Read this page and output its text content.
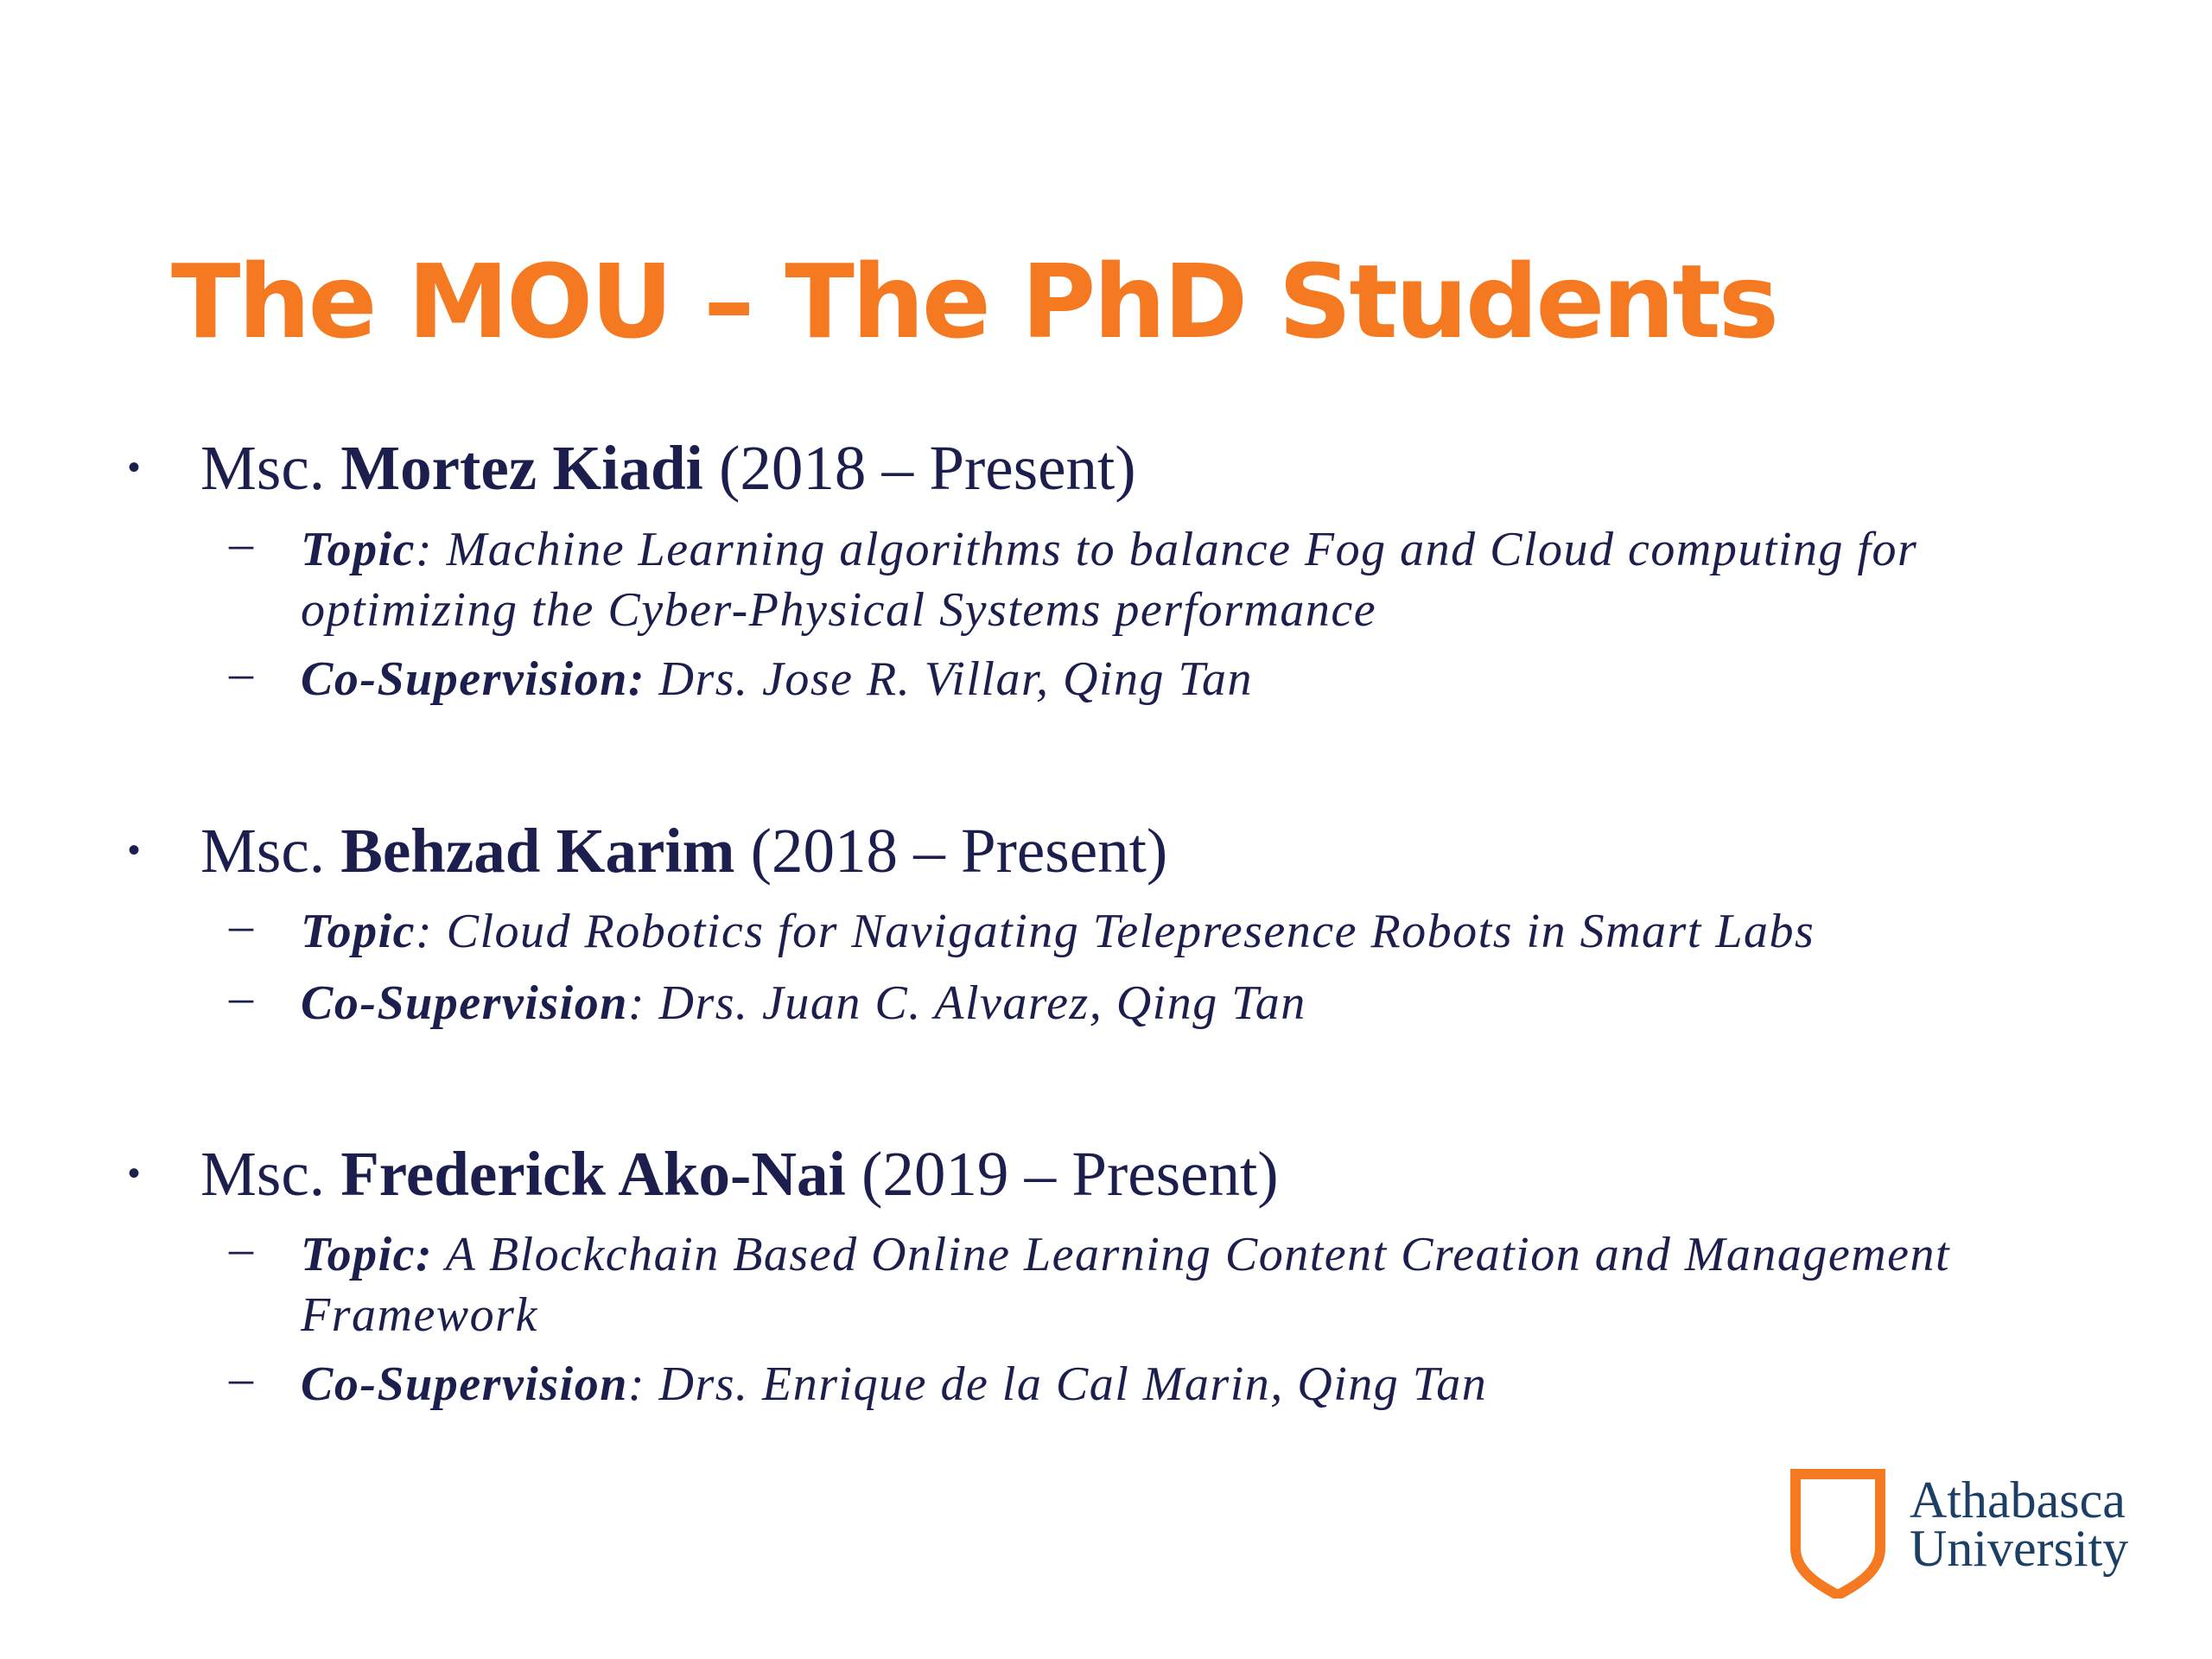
The MOU – The PhD Students
• Msc. Mortez Kiadi (2018 – Present)

– Topic: Machine Learning algorithms to balance Fog and Cloud computing for optimizing the Cyber-Physical Systems performance

– Co-Supervision: Drs. Jose R. Villar, Qing Tan

• Msc. Behzad Karim (2018 – Present)

– Topic: Cloud Robotics for Navigating Telepresence Robots in Smart Labs

– Co-Supervision: Drs. Juan C. Alvarez, Qing Tan

• Msc. Frederick Ako-Nai (2019 – Present)

– Topic: A Blockchain Based Online Learning Content Creation and Management Framework

– Co-Supervision: Drs. Enrique de la Cal Marin, Qing Tan

Athabasca
University
